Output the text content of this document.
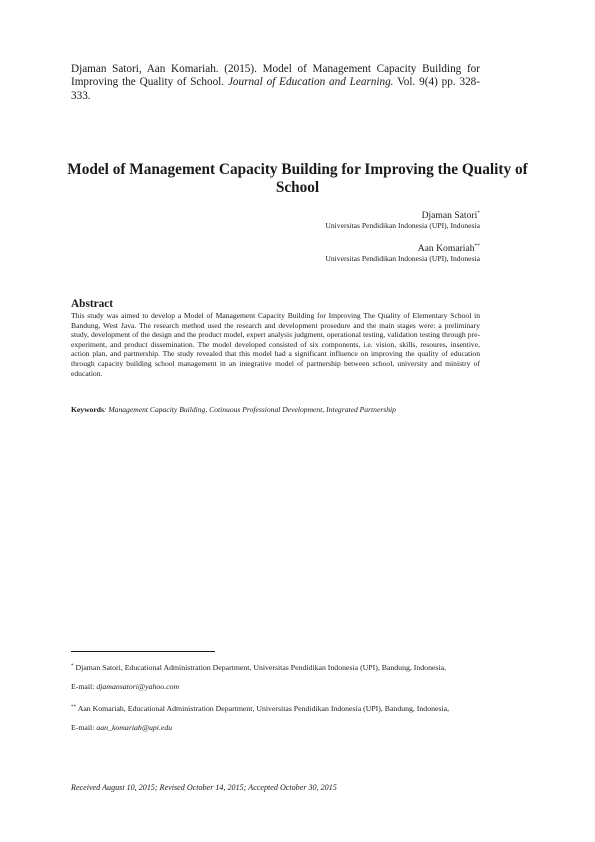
Djaman Satori, Aan Komariah. (2015). Model of Management Capacity Building for Improving the Quality of School. Journal of Education and Learning. Vol. 9(4) pp. 328-333.
Model of Management Capacity Building for Improving the Quality of School
Djaman Satori*
Universitas Pendidikan Indonesia (UPI), Indonesia
Aan Komariah**
Universitas Pendidikan Indonesia (UPI), Indonesia
Abstract
This study was aimed to develop a Model of Management Capacity Building for Improving The Quality of Elementary School in Bandung, West Java. The research method used the research and development prosedure and the main stages were: a preliminary study, development of the design and the product model, expert analysis judgment, operational testing, validation testing through pre-experiment, and product dissemination. The model developed consisted of six components, i.e. vision, skills, resoures, insentive, action plan, and partnership. The study revealed that this model had a significant influence on improving the quality of education through capacity building school management in an integrative model of partnership between school, university and ministry of education.
Keywords: Management Capacity Building, Cotinuous Professional Development, Integrated Partnership
* Djaman Satori, Educational Administration Department, Universitas Pendidikan Indonesia (UPI), Bandung, Indonesia, E-mail: djamansatori@yahoo.com
** Aan Komariah, Educational Administration Department, Universitas Pendidikan Indonesia (UPI), Bandung, Indonesia, E-mail: aan_komariah@upi.edu
Received August 10, 2015; Revised October 14, 2015; Accepted October 30, 2015
